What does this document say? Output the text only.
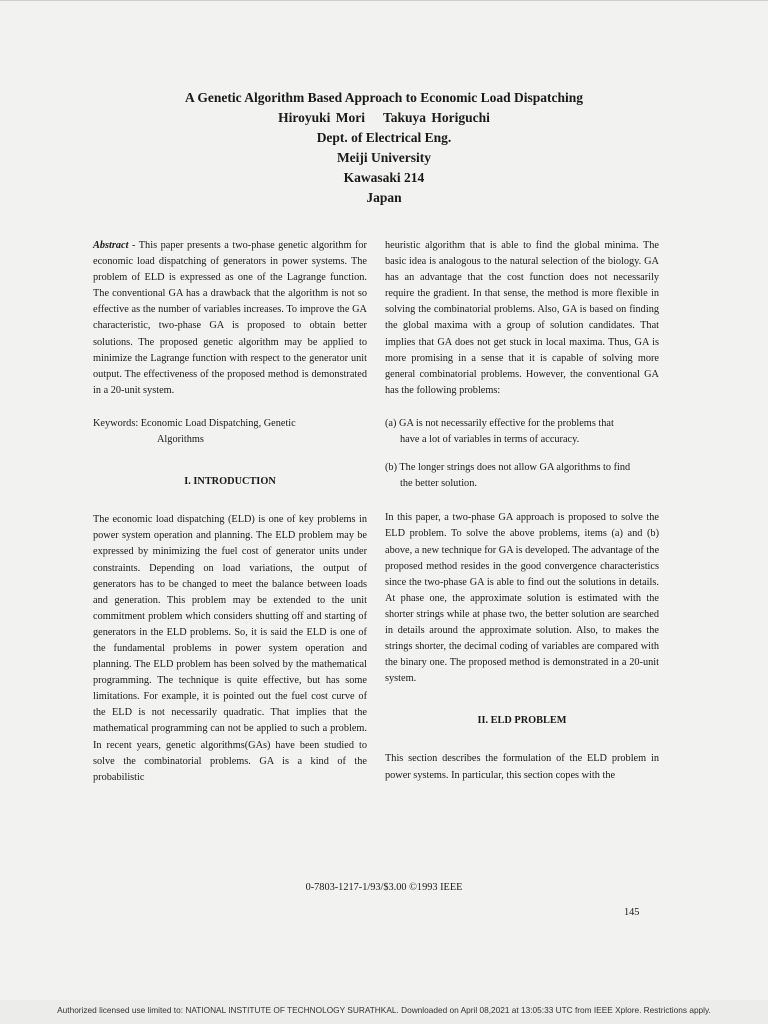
A Genetic Algorithm Based Approach to Economic Load Dispatching
Hiroyuki Mori Takuya Horiguchi
Dept. of Electrical Eng.
Meiji University
Kawasaki 214
Japan

Abstract - This paper presents a two-phase genetic algorithm for economic load dispatching of generators in power systems. The problem of ELD is expressed as one of the Lagrange function. The conventional GA has a drawback that the algorithm is not so effective as the number of variables increases. To improve the GA characteristic, two-phase GA is proposed to obtain better solutions. The proposed genetic algorithm may be applied to minimize the Lagrange function with respect to the generator unit output. The effectiveness of the proposed method is demonstrated in a 20-unit system.

Keywords: Economic Load Dispatching, Genetic
Algorithms

I. INTRODUCTION

The economic load dispatching (ELD) is one of key problems in power system operation and planning. The ELD problem may be expressed by minimizing the fuel cost of generator units under constraints. Depending on load variations, the output of generators has to be changed to meet the balance between loads and generation. This problem may be extended to the unit commitment problem which considers shutting off and starting of generators in the ELD problems. So, it is said the ELD is one of the fundamental problems in power system operation and planning. The ELD problem has been solved by the mathematical programming. The technique is quite effective, but has some limitations. For example, it is pointed out the fuel cost curve of the ELD is not necessarily quadratic. That implies that the mathematical programming can not be applied to such a problem. In recent years, genetic algorithms(GAs) have been studied to solve the combinatorial problems. GA is a kind of the probabilistic

heuristic algorithm that is able to find the global minima. The basic idea is analogous to the natural selection of the biology. GA has an advantage that the cost function does not necessarily require the gradient. In that sense, the method is more flexible in solving the combinatorial problems. Also, GA is based on finding the global maxima with a group of solution candidates. That implies that GA does not get stuck in local maxima. Thus, GA is more promising in a sense that it is capable of solving more general combinatorial problems. However, the conventional GA has the following problems:

(a) GA is not necessarily effective for the problems that
have a lot of variables in terms of accuracy.
(b) The longer strings does not allow GA algorithms to find
the better solution.

In this paper, a two-phase GA approach is proposed to solve the ELD problem. To solve the above problems, items (a) and (b) above, a new technique for GA is developed. The advantage of the proposed method resides in the good convergence characteristics since the two-phase GA is able to find out the solutions in details. At phase one, the approximate solution is estimated with the shorter strings while at phase two, the better solution are searched in details around the approximate solution. Also, to makes the strings shorter, the decimal coding of variables are compared with the binary one. The proposed method is demonstrated in a 20-unit system.

II. ELD PROBLEM

This section describes the formulation of the ELD problem in power systems. In particular, this section copes with the

0-7803-1217-1/93/$3.00 ©1993 IEEE
145
Authorized licensed use limited to: NATIONAL INSTITUTE OF TECHNOLOGY SURATHKAL. Downloaded on April 08,2021 at 13:05:33 UTC from IEEE Xplore. Restrictions apply.
